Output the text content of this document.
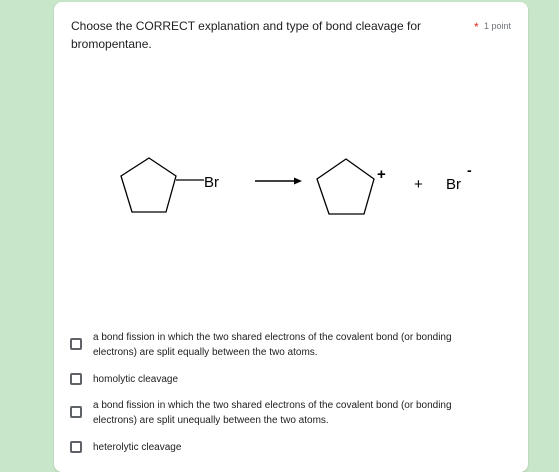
Choose the CORRECT explanation and type of bond cleavage for bromopentane.
* 1 point
Br	+
+ Br
-
a bond fission in which the two shared electrons of the covalent bond (or bonding electrons) are split equally between the two atoms.
homolytic cleavage
a bond fission in which the two shared electrons of the covalent bond (or bonding electrons) are split unequally between the two atoms.
heterolytic cleavage
